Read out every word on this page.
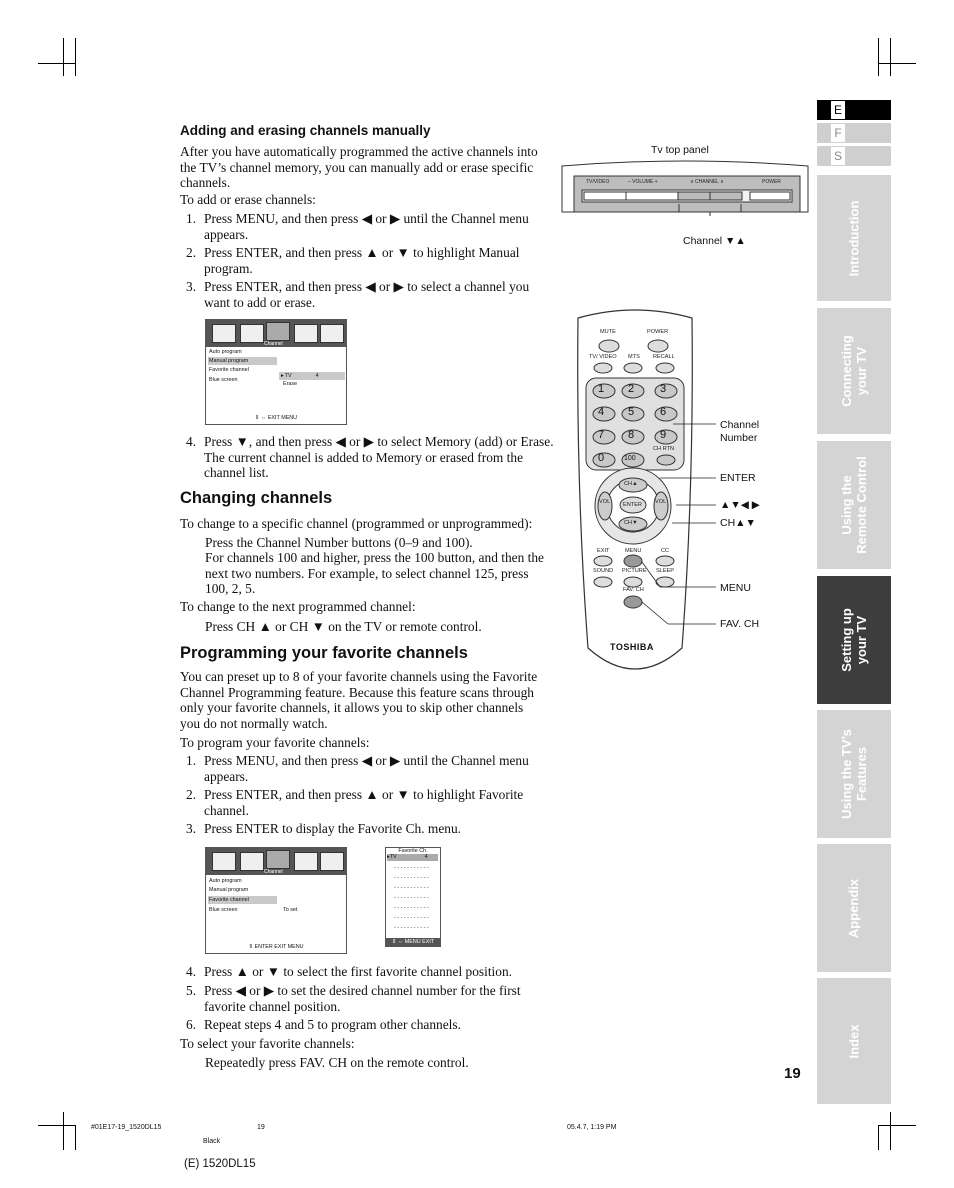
Adding and erasing channels manually
After you have automatically programmed the active channels into the TV’s channel memory, you can manually add or erase specific channels.
To add or erase channels:
1. Press MENU, and then press ◀ or ▶ until the Channel menu appears.
2. Press ENTER, and then press ▲ or ▼ to highlight Manual program.
3. Press ENTER, and then press ◀ or ▶ to select a channel you want to add or erase.
Channel
Auto program
Manual program
Favorite channel
Blue screen
▸TV	4
Erase
⇕ ⇔ EXIT MENU
4. Press ▼, and then press ◀ or ▶ to select Memory (add) or Erase. The current channel is added to Memory or erased from the channel list.
Changing channels
To change to a specific channel (programmed or unprogrammed):
Press the Channel Number buttons (0–9 and 100).
For channels 100 and higher, press the 100 button, and then the next two numbers. For example, to select channel 125, press 100, 2, 5.
To change to the next programmed channel:
Press CH ▲ or CH ▼ on the TV or remote control.
Programming your favorite channels
You can preset up to 8 of your favorite channels using the Favorite Channel Programming feature. Because this feature scans through only your favorite channels, it allows you to skip other channels you do not normally watch.
To program your favorite channels:
1. Press MENU, and then press ◀ or ▶ until the Channel menu appears.
2. Press ENTER, and then press ▲ or ▼ to highlight Favorite channel.
3. Press ENTER to display the Favorite Ch. menu.
Channel
Auto program
Manual program
Favorite channel
Blue screen	To set
⇕ ENTER EXIT MENU
Favorite Ch.
▸TV	4
- - - - - - - - - - -
- - - - - - - - - - -
- - - - - - - - - - -
- - - - - - - - - - -
- - - - - - - - - - -
- - - - - - - - - - -
- - - - - - - - - - -
⇕ ⇔ MENU EXIT
4. Press ▲ or ▼ to select the first favorite channel position.
5. Press ◀ or ▶ to set the desired channel number for the first favorite channel position.
6. Repeat steps 4 and 5 to program other channels.
To select your favorite channels:
Repeatedly press FAV. CH on the remote control.
Tv top panel
TV/VIDEO	– VOLUME +	∨ CHANNEL ∧	POWER
Channel ▼▲
MUTE	POWER
TV/ VIDEO MTS RECALL
1 2 3
4 5 6
7 8 9
0	100
CH RTN
CH▲
ENTER
VOL	VOL
CH▼
EXIT	MENU	CC
SOUND PICTURE SLEEP
FAV. CH
TOSHIBA
Channel
Number
ENTER
▲▼◀ ▶
CH▲▼
MENU
FAV. CH
E
F
S
Introduction
Connecting
your TV
Using the
Remote Control
Setting up
your TV
Using the TV’s
Features
Appendix
Index
19
#01E17-19_1520DL15	19	05.4.7, 1:19 PM
Black
(E) 1520DL15
